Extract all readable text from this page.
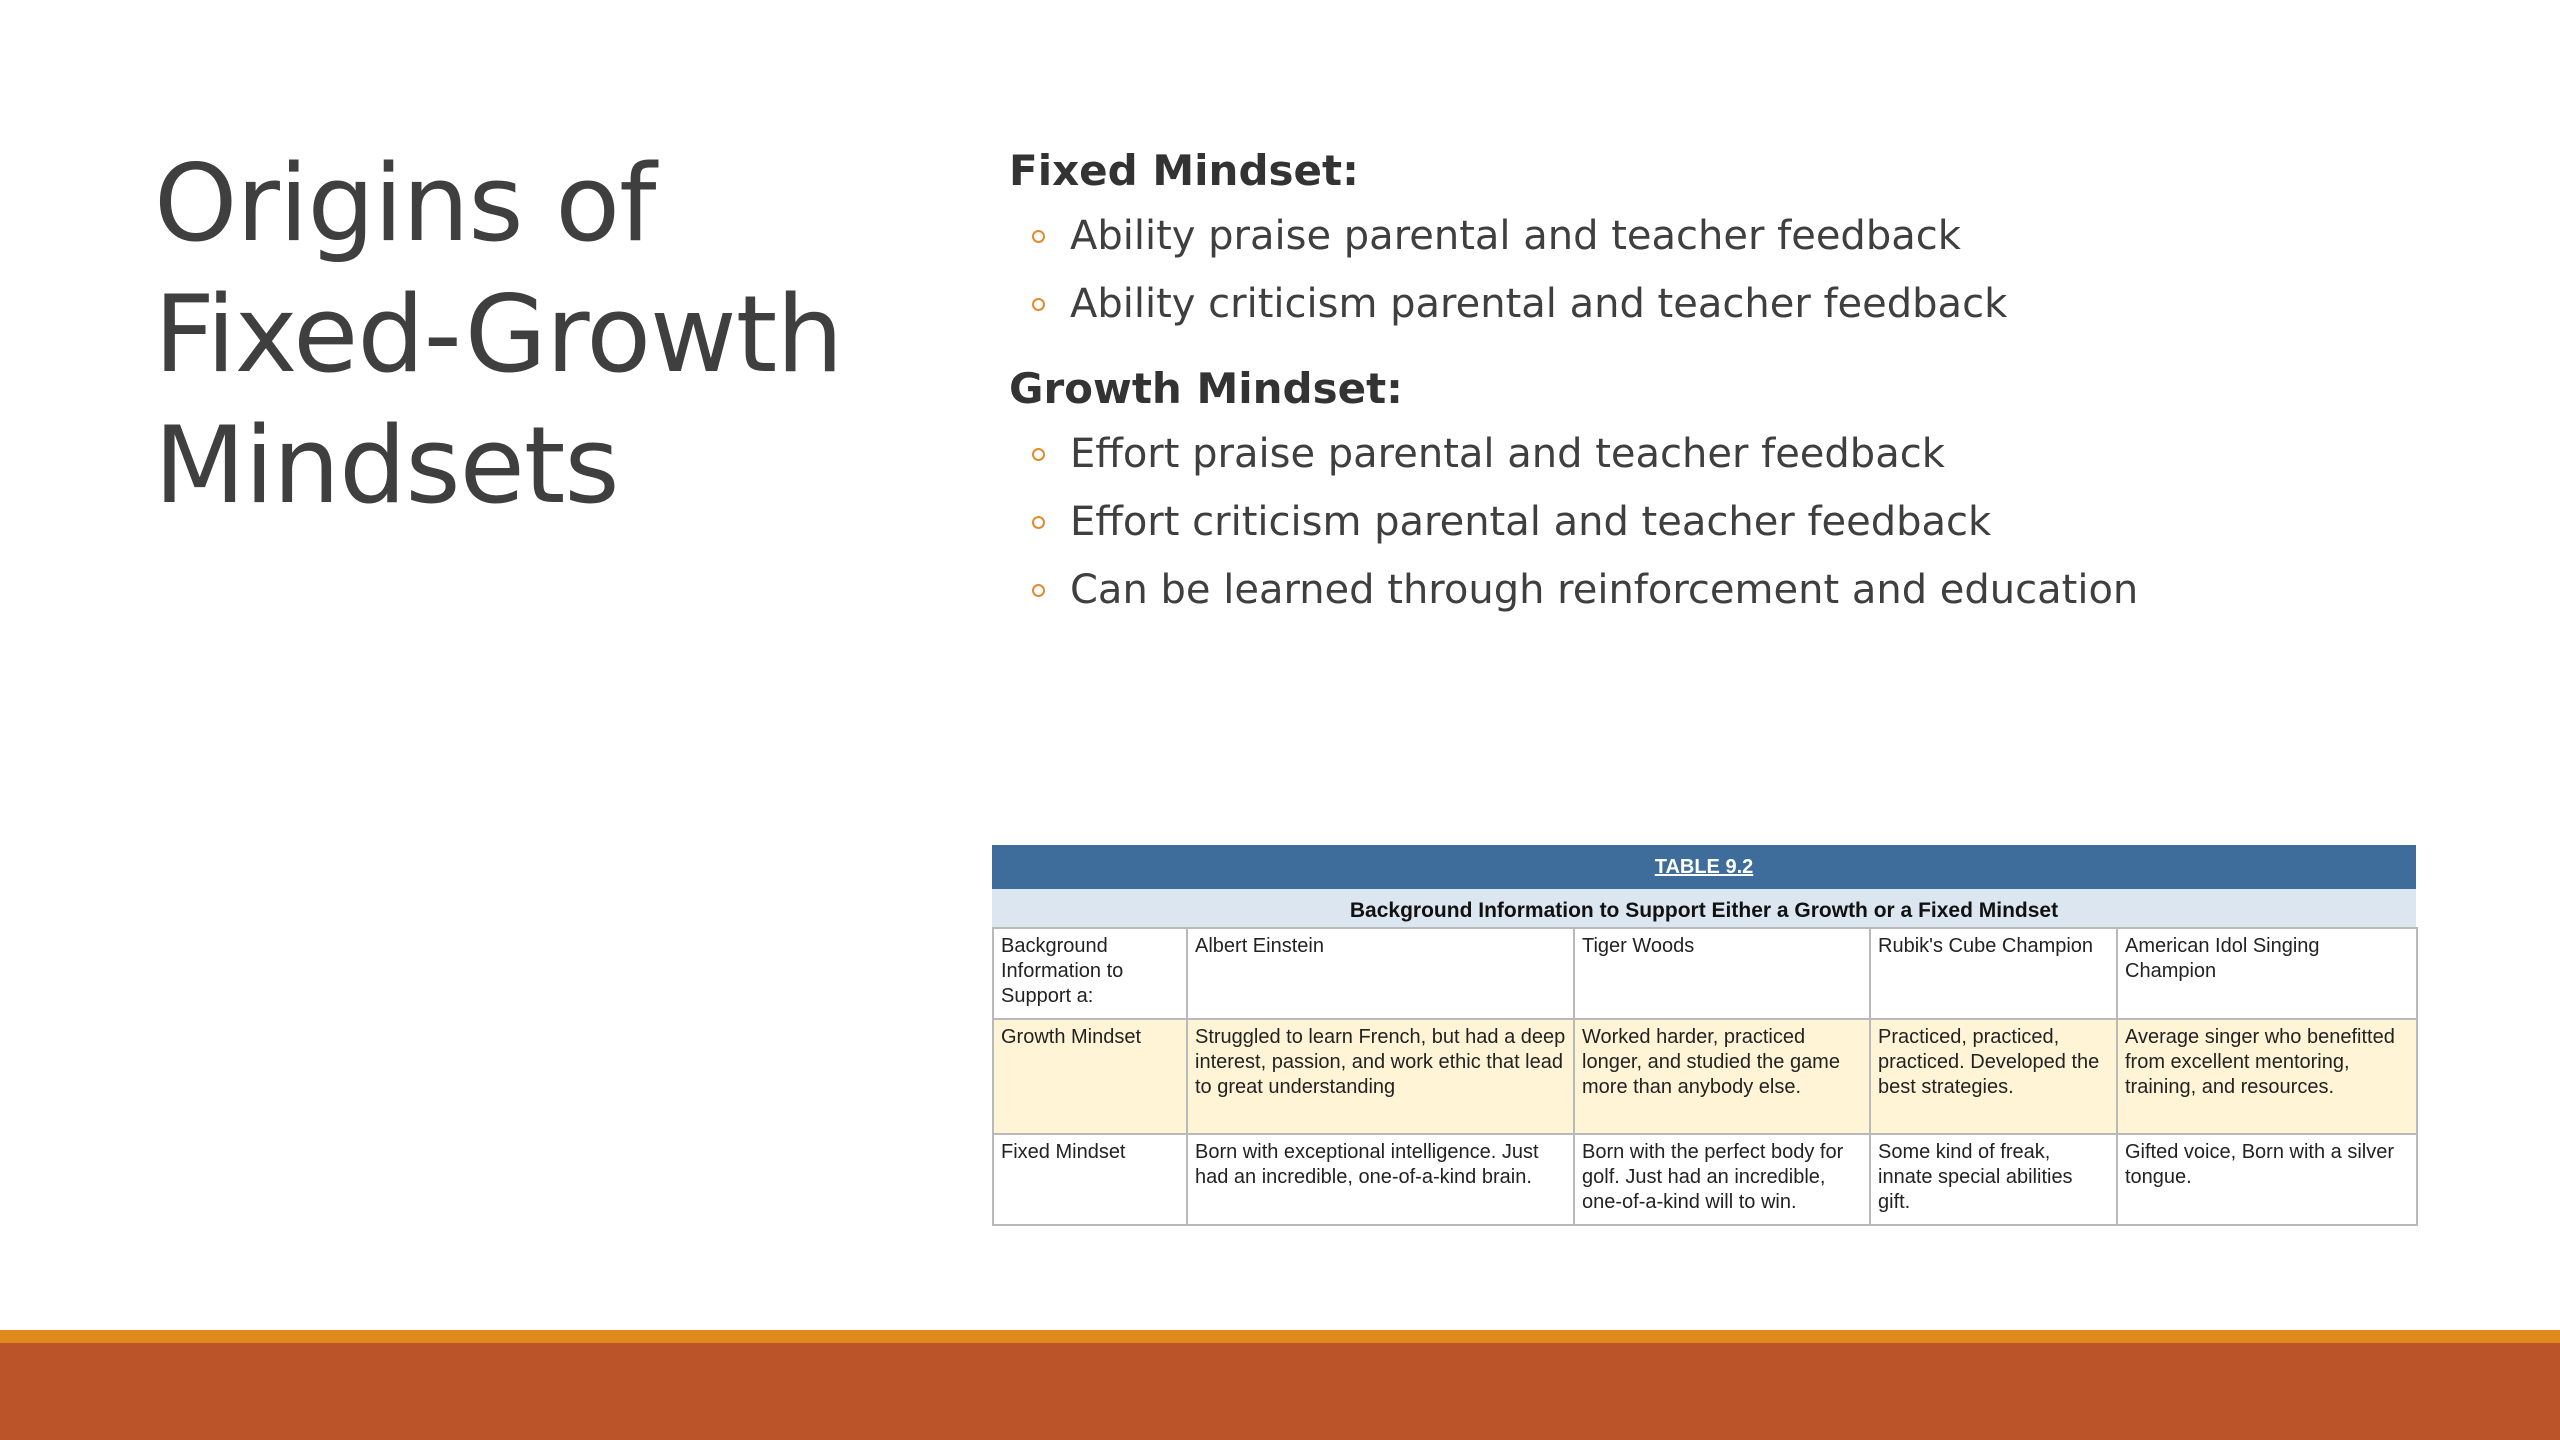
Origins of
Fixed-Growth
Mindsets
Fixed Mindset:
Ability praise parental and teacher feedback
Ability criticism parental and teacher feedback
Growth Mindset:
Effort praise parental and teacher feedback
Effort criticism parental and teacher feedback
Can be learned through reinforcement and education
TABLE 9.2
Background Information to Support Either a Growth or a Fixed Mindset
Background Information to Support a:	Albert Einstein	Tiger Woods	Rubik's Cube Champion	American Idol Singing Champion
Growth Mindset	Struggled to learn French, but had a deep interest, passion, and work ethic that lead to great understanding	Worked harder, practiced longer, and studied the game more than anybody else.	Practiced, practiced, practiced. Developed the best strategies.	Average singer who benefitted from excellent mentoring, training, and resources.
Fixed Mindset	Born with exceptional intelligence. Just had an incredible, one-of-a-kind brain.	Born with the perfect body for golf. Just had an incredible, one-of-a-kind will to win.	Some kind of freak, innate special abilities gift.	Gifted voice, Born with a silver tongue.
